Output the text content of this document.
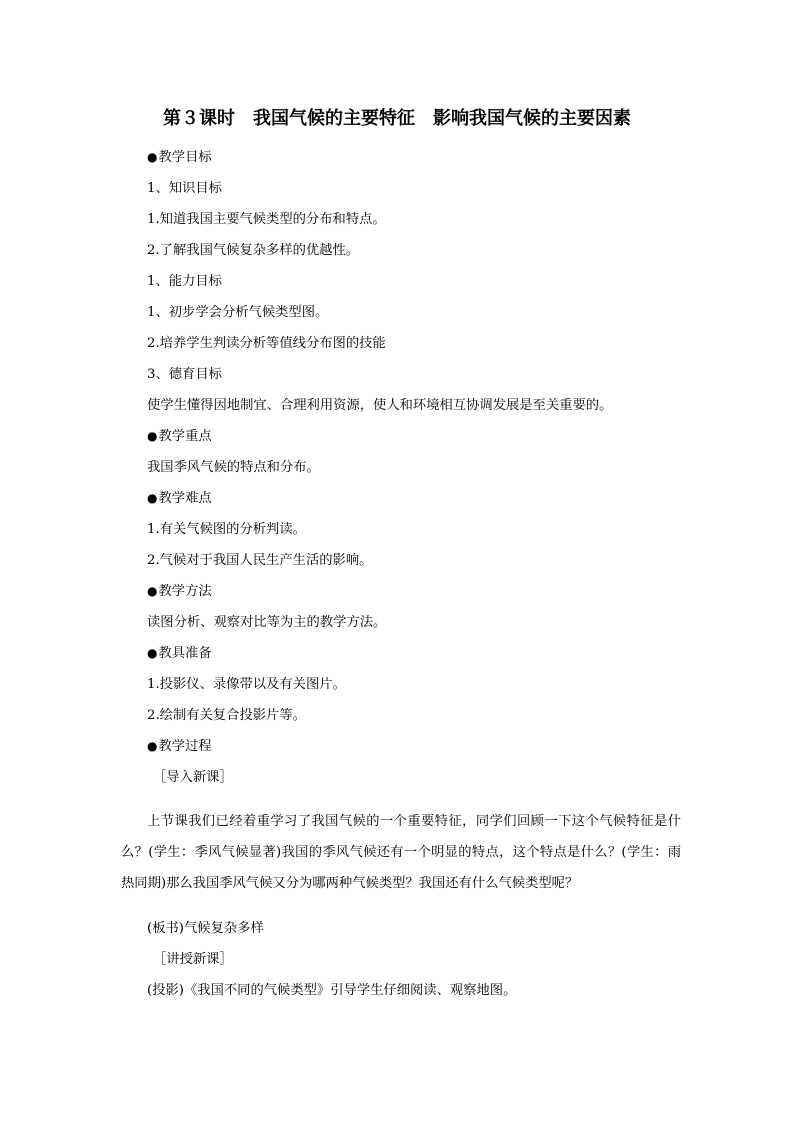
第３课时　我国气候的主要特征　影响我国气候的主要因素

●教学目标

1、知识目标

1.知道我国主要气候类型的分布和特点。

2.了解我国气候复杂多样的优越性。

1、能力目标

1、初步学会分析气候类型图。

2.培养学生判读分析等值线分布图的技能

3、德育目标

使学生懂得因地制宜、合理利用资源，使人和环境相互协调发展是至关重要的。

●教学重点

我国季风气候的特点和分布。

●教学难点

1.有关气候图的分析判读。

2.气候对于我国人民生产生活的影响。

●教学方法

读图分析、观察对比等为主的教学方法。

●教具准备

1.投影仪、录像带以及有关图片。

2.绘制有关复合投影片等。

●教学过程

［导入新课］

上节课我们已经着重学习了我国气候的一个重要特征，同学们回顾一下这个气候特征是什么？(学生：季风气候显著)我国的季风气候还有一个明显的特点，这个特点是什么？(学生：雨热同期)那么我国季风气候又分为哪两种气候类型？我国还有什么气候类型呢？

(板书)气候复杂多样

［讲授新课］

(投影)《我国不同的气候类型》引导学生仔细阅读、观察地图。
